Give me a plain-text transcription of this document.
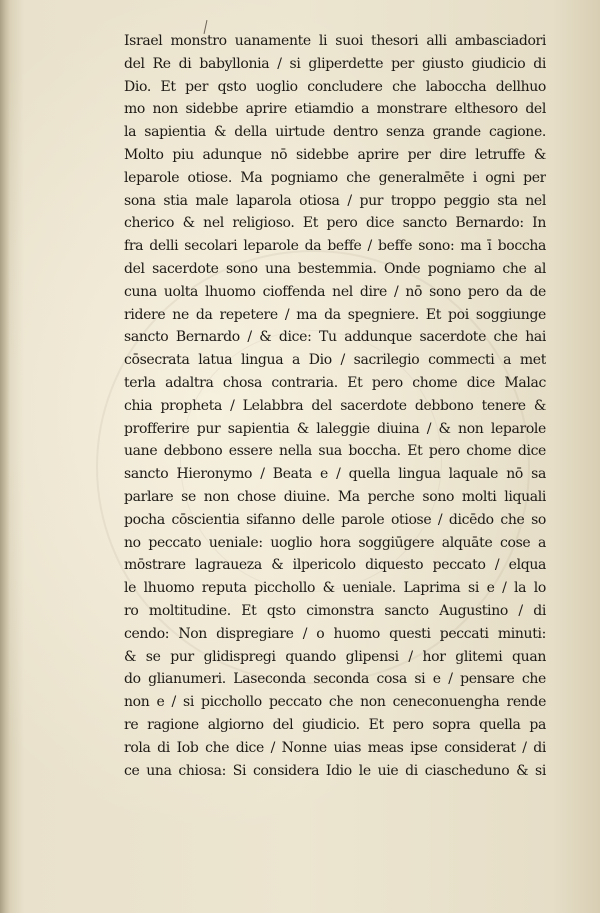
Israel monstro uanamente li suoi thesori alli ambasciadori
del Re di babyllonia / si gliperdette per giusto giudicio di
Dio. Et per qsto uoglio concludere che laboccha dellhuo
mo non sidebbe aprire etiamdio a monstrare elthesoro del
la sapientia & della uirtude dentro senza grande cagione.
Molto piu adunque nō sidebbe aprire per dire letruffe &
leparole otiose. Ma pogniamo che generalmēte i ogni per
sona stia male laparola otiosa / pur troppo peggio sta nel
cherico & nel religioso. Et pero dice sancto Bernardo: In
fra delli secolari leparole da beffe / beffe sono: ma ī boccha
del sacerdote sono una bestemmia. Onde pogniamo che al
cuna uolta lhuomo cioffenda nel dire / nō sono pero da de
ridere ne da repetere / ma da spegniere. Et poi soggiunge
sancto Bernardo / & dice: Tu addunque sacerdote che hai
cōsecrata latua lingua a Dio / sacrilegio commecti a met
terla adaltra chosa contraria. Et pero chome dice Malac
chia propheta / Lelabbra del sacerdote debbono tenere &
profferire pur sapientia & laleggie diuina / & non leparole
uane debbono essere nella sua boccha. Et pero chome dice
sancto Hieronymo / Beata e / quella lingua laquale nō sa
parlare se non chose diuine. Ma perche sono molti liquali
pocha cōscientia sifanno delle parole otiose / dicēdo che so
no peccato ueniale: uoglio hora soggiūgere alquāte cose a
mōstrare lagraueza & ilpericolo diquesto peccato / elqua
le lhuomo reputa picchollo & ueniale. Laprima si e / la lo
ro moltitudine. Et qsto cimonstra sancto Augustino / di
cendo: Non dispregiare / o huomo questi peccati minuti:
& se pur glidispregi quando glipensi / hor glitemi quan
do glianumeri. Laseconda seconda cosa si e / pensare che
non e / si picchollo peccato che non ceneconuengha rende
re ragione algiorno del giudicio. Et pero sopra quella pa
rola di Iob che dice / Nonne uias meas ipse considerat / di
ce una chiosa: Si considera Idio le uie di ciascheduno & si
